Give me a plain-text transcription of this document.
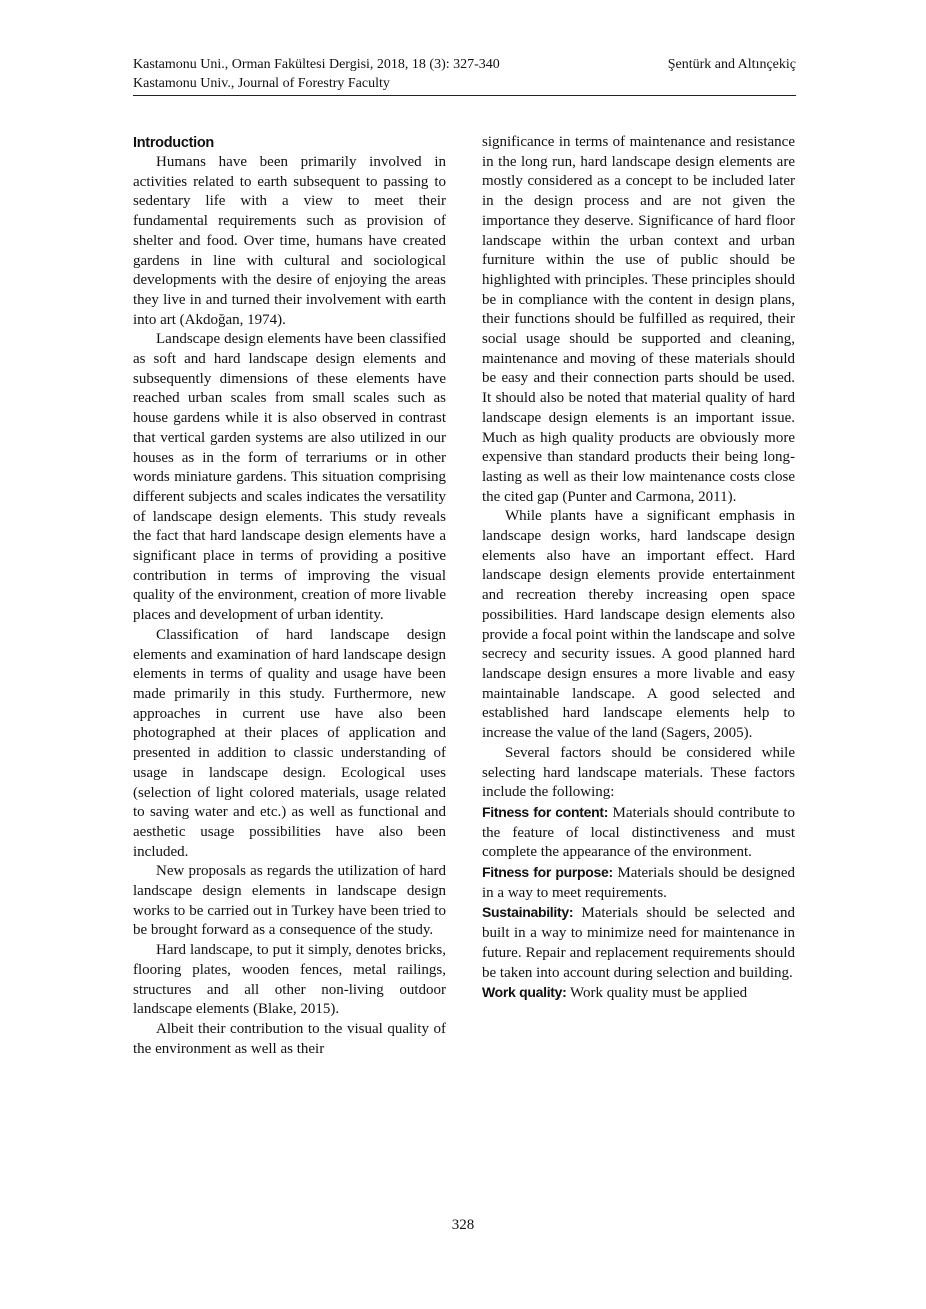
Kastamonu Uni., Orman Fakültesi Dergisi, 2018, 18 (3): 327-340	Şentürk and Altınçekiç
Kastamonu Univ., Journal of Forestry Faculty
Introduction

Humans have been primarily involved in activities related to earth subsequent to passing to sedentary life with a view to meet their fundamental requirements such as provision of shelter and food. Over time, humans have created gardens in line with cultural and sociological developments with the desire of enjoying the areas they live in and turned their involvement with earth into art (Akdoğan, 1974).

Landscape design elements have been classified as soft and hard landscape design elements and subsequently dimensions of these elements have reached urban scales from small scales such as house gardens while it is also observed in contrast that vertical garden systems are also utilized in our houses as in the form of terrariums or in other words miniature gardens. This situation comprising different subjects and scales indicates the versatility of landscape design elements. This study reveals the fact that hard landscape design elements have a significant place in terms of providing a positive contribution in terms of improving the visual quality of the environment, creation of more livable places and development of urban identity.

Classification of hard landscape design elements and examination of hard landscape design elements in terms of quality and usage have been made primarily in this study. Furthermore, new approaches in current use have also been photographed at their places of application and presented in addition to classic understanding of usage in landscape design. Ecological uses (selection of light colored materials, usage related to saving water and etc.) as well as functional and aesthetic usage possibilities have also been included.

New proposals as regards the utilization of hard landscape design elements in landscape design works to be carried out in Turkey have been tried to be brought forward as a consequence of the study.

Hard landscape, to put it simply, denotes bricks, flooring plates, wooden fences, metal railings, structures and all other non-living outdoor landscape elements (Blake, 2015).

Albeit their contribution to the visual quality of the environment as well as their

significance in terms of maintenance and resistance in the long run, hard landscape design elements are mostly considered as a concept to be included later in the design process and are not given the importance they deserve. Significance of hard floor landscape within the urban context and urban furniture within the use of public should be highlighted with principles. These principles should be in compliance with the content in design plans, their functions should be fulfilled as required, their social usage should be supported and cleaning, maintenance and moving of these materials should be easy and their connection parts should be used. It should also be noted that material quality of hard landscape design elements is an important issue. Much as high quality products are obviously more expensive than standard products their being long-lasting as well as their low maintenance costs close the cited gap (Punter and Carmona, 2011).

While plants have a significant emphasis in landscape design works, hard landscape design elements also have an important effect. Hard landscape design elements provide entertainment and recreation thereby increasing open space possibilities. Hard landscape design elements also provide a focal point within the landscape and solve secrecy and security issues. A good planned hard landscape design ensures a more livable and easy maintainable landscape. A good selected and established hard landscape elements help to increase the value of the land (Sagers, 2005).

Several factors should be considered while selecting hard landscape materials. These factors include the following:

Fitness for content: Materials should contribute to the feature of local distinctiveness and must complete the appearance of the environment.

Fitness for purpose: Materials should be designed in a way to meet requirements.

Sustainability: Materials should be selected and built in a way to minimize need for maintenance in future. Repair and replacement requirements should be taken into account during selection and building.

Work quality: Work quality must be applied

328
